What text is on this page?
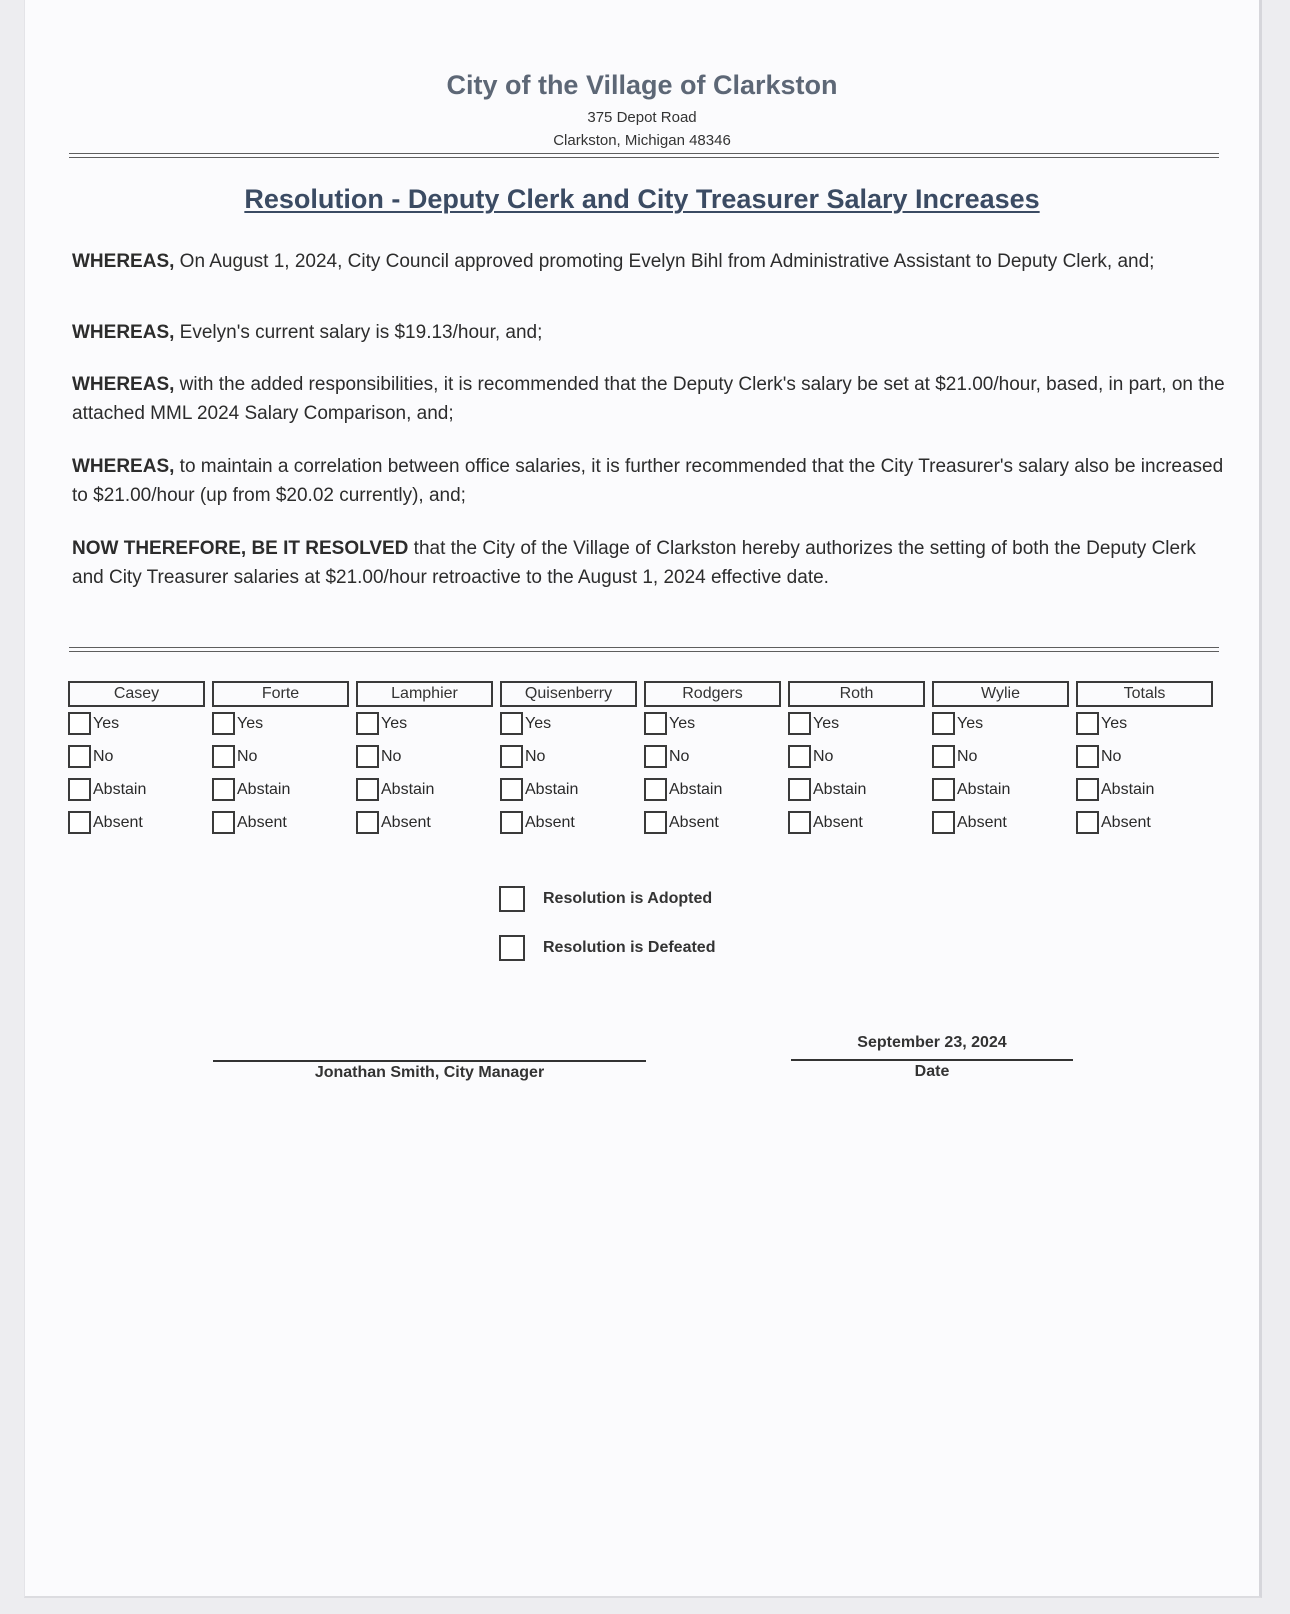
City of the Village of Clarkston
375 Depot Road
Clarkston, Michigan 48346
Resolution - Deputy Clerk and City Treasurer Salary Increases
WHEREAS, On August 1, 2024, City Council approved promoting Evelyn Bihl from Administrative Assistant to Deputy Clerk, and;
WHEREAS, Evelyn's current salary is $19.13/hour, and;
WHEREAS, with the added responsibilities, it is recommended that the Deputy Clerk's salary be set at $21.00/hour, based, in part, on the attached MML 2024 Salary Comparison, and;
WHEREAS, to maintain a correlation between office salaries, it is further recommended that the City Treasurer's salary also be increased to $21.00/hour (up from $20.02 currently), and;
NOW THEREFORE, BE IT RESOLVED that the City of the Village of Clarkston hereby authorizes the setting of both the Deputy Clerk and City Treasurer salaries at $21.00/hour retroactive to the August 1, 2024 effective date.
Casey
Yes
No
Abstain
Absent
Forte
Yes
No
Abstain
Absent
Lamphier
Yes
No
Abstain
Absent
Quisenberry
Yes
No
Abstain
Absent
Rodgers
Yes
No
Abstain
Absent
Roth
Yes
No
Abstain
Absent
Wylie
Yes
No
Abstain
Absent
Totals
Yes
No
Abstain
Absent
Resolution is Adopted
Resolution is Defeated
Jonathan Smith, City Manager
September 23, 2024
Date
